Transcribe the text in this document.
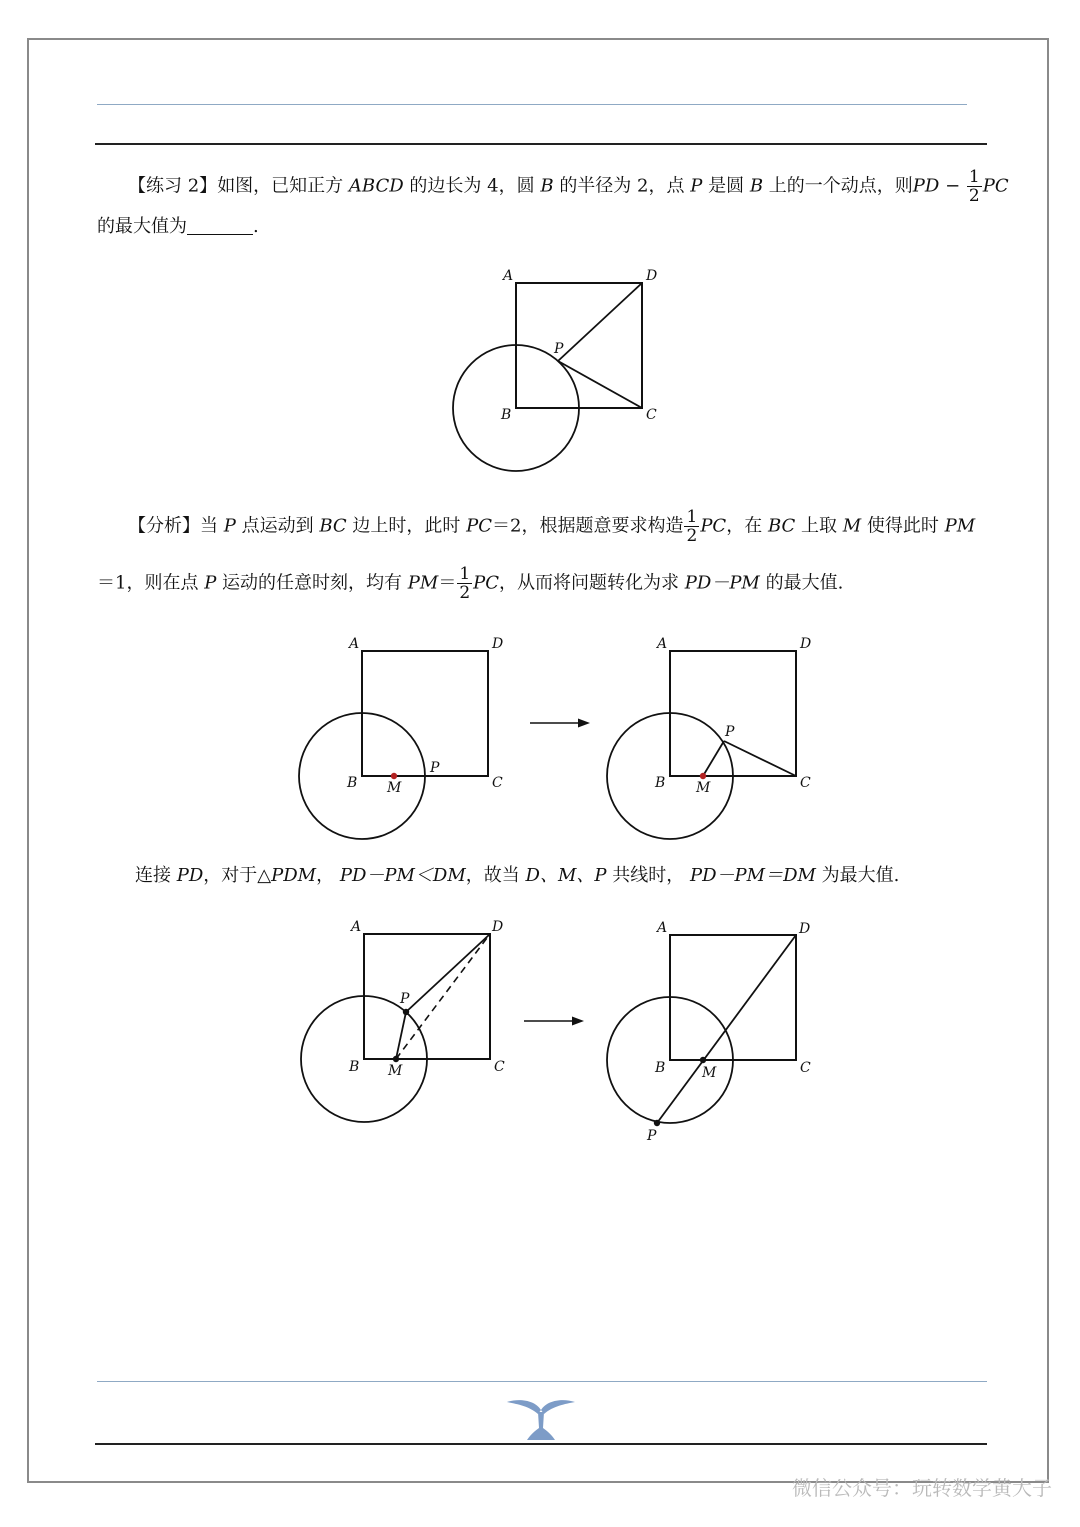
【练习 2】如图，已知正方 ABCD 的边长为 4，圆 B 的半径为 2，点 P 是圆 B 上的一个动点，则PD − $\frac{1}{2}$ PC
的最大值为	.
A	D
P
B	C
【分析】当 P 点运动到 BC 边上时，此时 PC＝2，根据题意要求构造 $\frac{1}{2}$ PC，在 BC 上取 M 使得此时 PM
＝1，则在点 P 运动的任意时刻，均有 $PM= \frac{1}{2}$ PC，从而将问题转化为求 PD－PM 的最大值.
A	D
B M
P
C
A	D
P
B M	C
连接 PD，对于△PDM， PD－PM＜DM，故当 D、M、P 共线时， PD－PM＝DM 为最大值.
A	D
P
B M	C
A	D
B	M	C
P
微信公众号：玩转数学黄大子
